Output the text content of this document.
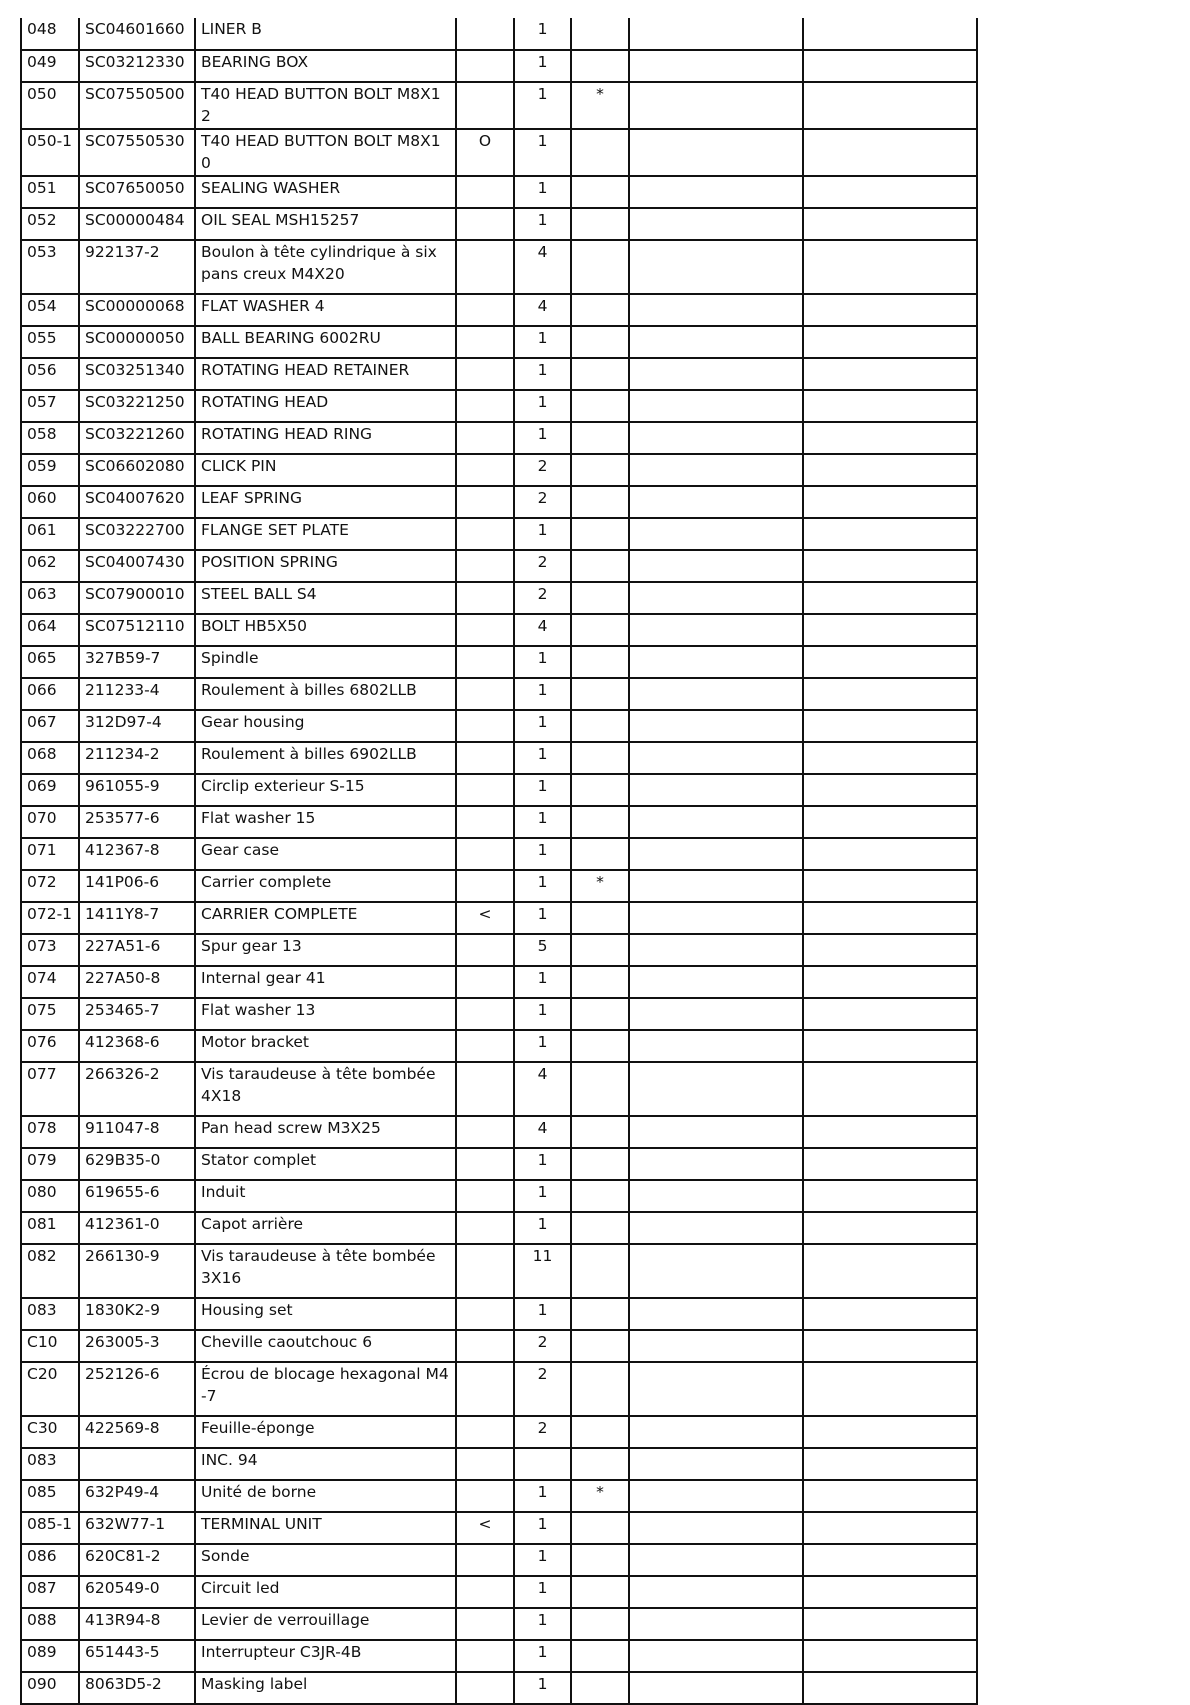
048	SC04601660	LINER B		1			
049	SC03212330	BEARING BOX		1			
050	SC07550500	T40 HEAD BUTTON BOLT M8X12		1	*		
050-1	SC07550530	T40 HEAD BUTTON BOLT M8X10	O	1			
051	SC07650050	SEALING WASHER		1			
052	SC00000484	OIL SEAL MSH15257		1			
053	922137-2	Boulon à tête cylindrique à six pans creux M4X20		4			
054	SC00000068	FLAT WASHER 4		4			
055	SC00000050	BALL BEARING 6002RU		1			
056	SC03251340	ROTATING HEAD RETAINER		1			
057	SC03221250	ROTATING HEAD		1			
058	SC03221260	ROTATING HEAD RING		1			
059	SC06602080	CLICK PIN		2			
060	SC04007620	LEAF SPRING		2			
061	SC03222700	FLANGE SET PLATE		1			
062	SC04007430	POSITION SPRING		2			
063	SC07900010	STEEL BALL S4		2			
064	SC07512110	BOLT HB5X50		4			
065	327B59-7	Spindle		1			
066	211233-4	Roulement à billes 6802LLB		1			
067	312D97-4	Gear housing		1			
068	211234-2	Roulement à billes 6902LLB		1			
069	961055-9	Circlip exterieur S-15		1			
070	253577-6	Flat washer 15		1			
071	412367-8	Gear case		1			
072	141P06-6	Carrier complete		1	*		
072-1	1411Y8-7	CARRIER COMPLETE	<	1			
073	227A51-6	Spur gear 13		5			
074	227A50-8	Internal gear 41		1			
075	253465-7	Flat washer 13		1			
076	412368-6	Motor bracket		1			
077	266326-2	Vis taraudeuse à tête bombée 4X18		4			
078	911047-8	Pan head screw M3X25		4			
079	629B35-0	Stator complet		1			
080	619655-6	Induit		1			
081	412361-0	Capot arrière		1			
082	266130-9	Vis taraudeuse à tête bombée 3X16		11			
083	1830K2-9	Housing set		1			
C10	263005-3	Cheville caoutchouc 6		2			
C20	252126-6	Écrou de blocage hexagonal M4-7		2			
C30	422569-8	Feuille-éponge		2			
083		INC. 94					
085	632P49-4	Unité de borne		1	*		
085-1	632W77-1	TERMINAL UNIT	<	1			
086	620C81-2	Sonde		1			
087	620549-0	Circuit led		1			
088	413R94-8	Levier de verrouillage		1			
089	651443-5	Interrupteur C3JR-4B		1			
090	8063D5-2	Masking label		1			
